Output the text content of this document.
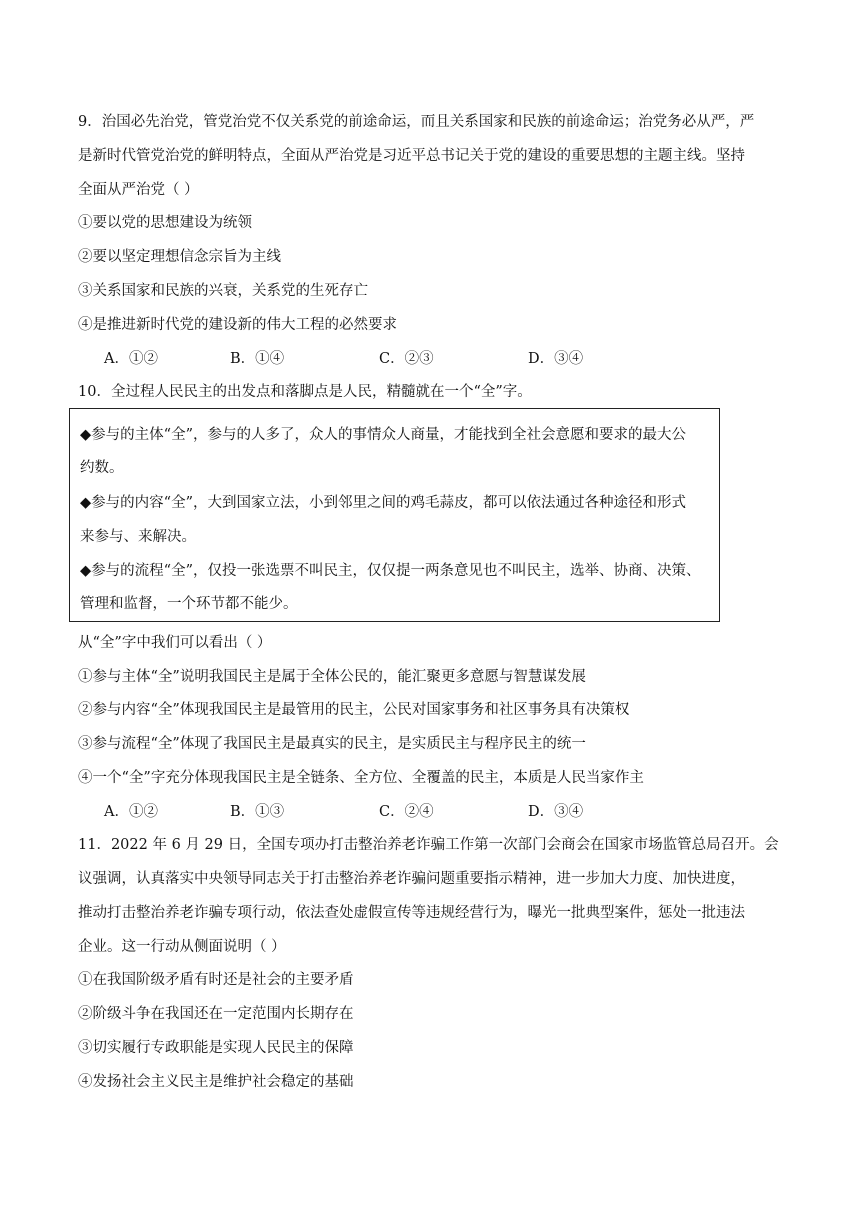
9．治国必先治党，管党治党不仅关系党的前途命运，而且关系国家和民族的前途命运；治党务必从严，严
是新时代管党治党的鲜明特点，全面从严治党是习近平总书记关于党的建设的重要思想的主题主线。坚持
全面从严治党（ ）
①要以党的思想建设为统领
②要以坚定理想信念宗旨为主线
③关系国家和民族的兴衰，关系党的生死存亡
④是推进新时代党的建设新的伟大工程的必然要求
A．①②	B．①④	C．②③	D．③④
10．全过程人民民主的出发点和落脚点是人民，精髓就在一个“全”字。
◆参与的主体“全”，参与的人多了，众人的事情众人商量，才能找到全社会意愿和要求的最大公
约数。
◆参与的内容“全”，大到国家立法，小到邻里之间的鸡毛蒜皮，都可以依法通过各种途径和形式
来参与、来解决。
◆参与的流程“全”，仅投一张选票不叫民主，仅仅提一两条意见也不叫民主，选举、协商、决策、
管理和监督，一个环节都不能少。
从“全”字中我们可以看出（ ）
①参与主体“全”说明我国民主是属于全体公民的，能汇聚更多意愿与智慧谋发展
②参与内容“全”体现我国民主是最管用的民主，公民对国家事务和社区事务具有决策权
③参与流程“全”体现了我国民主是最真实的民主，是实质民主与程序民主的统一
④一个“全”字充分体现我国民主是全链条、全方位、全覆盖的民主，本质是人民当家作主
A．①②	B．①③	C．②④	D．③④
11．2022 年 6 月 29 日，全国专项办打击整治养老诈骗工作第一次部门会商会在国家市场监管总局召开。会
议强调，认真落实中央领导同志关于打击整治养老诈骗问题重要指示精神，进一步加大力度、加快进度，
推动打击整治养老诈骗专项行动，依法查处虚假宣传等违规经营行为，曝光一批典型案件，惩处一批违法
企业。这一行动从侧面说明（ ）
①在我国阶级矛盾有时还是社会的主要矛盾
②阶级斗争在我国还在一定范围内长期存在
③切实履行专政职能是实现人民民主的保障
④发扬社会主义民主是维护社会稳定的基础
